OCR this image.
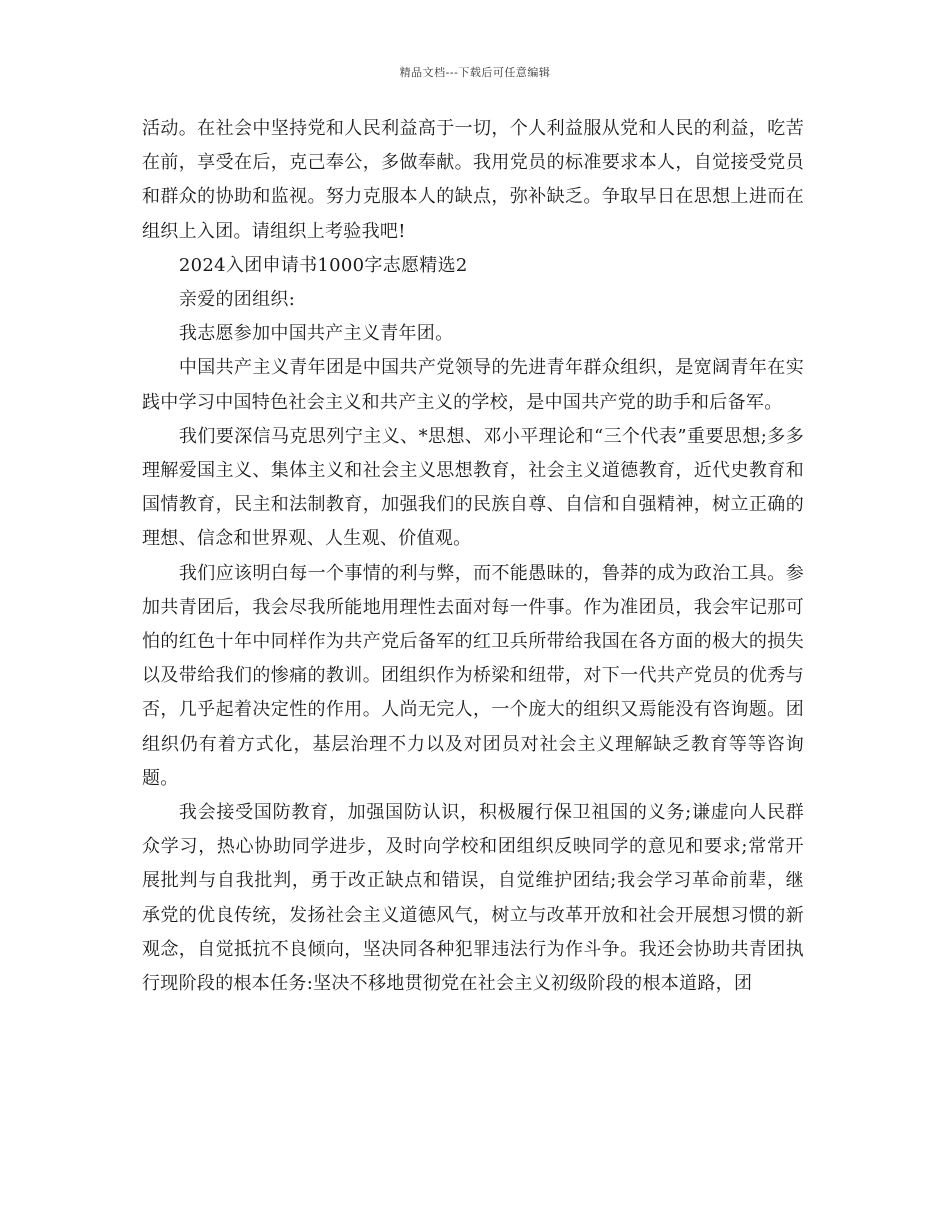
精品文档---下载后可任意编辑

活动。在社会中坚持党和人民利益高于一切，个人利益服从党和人民的利益，吃苦在前，享受在后，克己奉公，多做奉献。我用党员的标准要求本人，自觉接受党员和群众的协助和监视。努力克服本人的缺点，弥补缺乏。争取早日在思想上进而在组织上入团。请组织上考验我吧!

2024入团申请书1000字志愿精选2

亲爱的团组织:

我志愿参加中国共产主义青年团。

中国共产主义青年团是中国共产党领导的先进青年群众组织，是宽阔青年在实践中学习中国特色社会主义和共产主义的学校，是中国共产党的助手和后备军。

我们要深信马克思列宁主义、*思想、邓小平理论和“三个代表”重要思想;多多理解爱国主义、集体主义和社会主义思想教育，社会主义道德教育，近代史教育和国情教育，民主和法制教育，加强我们的民族自尊、自信和自强精神，树立正确的理想、信念和世界观、人生观、价值观。

我们应该明白每一个事情的利与弊，而不能愚昧的，鲁莽的成为政治工具。参加共青团后，我会尽我所能地用理性去面对每一件事。作为准团员，我会牢记那可怕的红色十年中同样作为共产党后备军的红卫兵所带给我国在各方面的极大的损失以及带给我们的惨痛的教训。团组织作为桥梁和纽带，对下一代共产党员的优秀与否，几乎起着决定性的作用。人尚无完人，一个庞大的组织又焉能没有咨询题。团组织仍有着方式化，基层治理不力以及对团员对社会主义理解缺乏教育等等咨询题。

我会接受国防教育，加强国防认识，积极履行保卫祖国的义务;谦虚向人民群众学习，热心协助同学进步，及时向学校和团组织反映同学的意见和要求;常常开展批判与自我批判，勇于改正缺点和错误，自觉维护团结;我会学习革命前辈，继承党的优良传统，发扬社会主义道德风气，树立与改革开放和社会开展想习惯的新观念，自觉抵抗不良倾向，坚决同各种犯罪违法行为作斗争。我还会协助共青团执行现阶段的根本任务:坚决不移地贯彻党在社会主义初级阶段的根本道路，团
